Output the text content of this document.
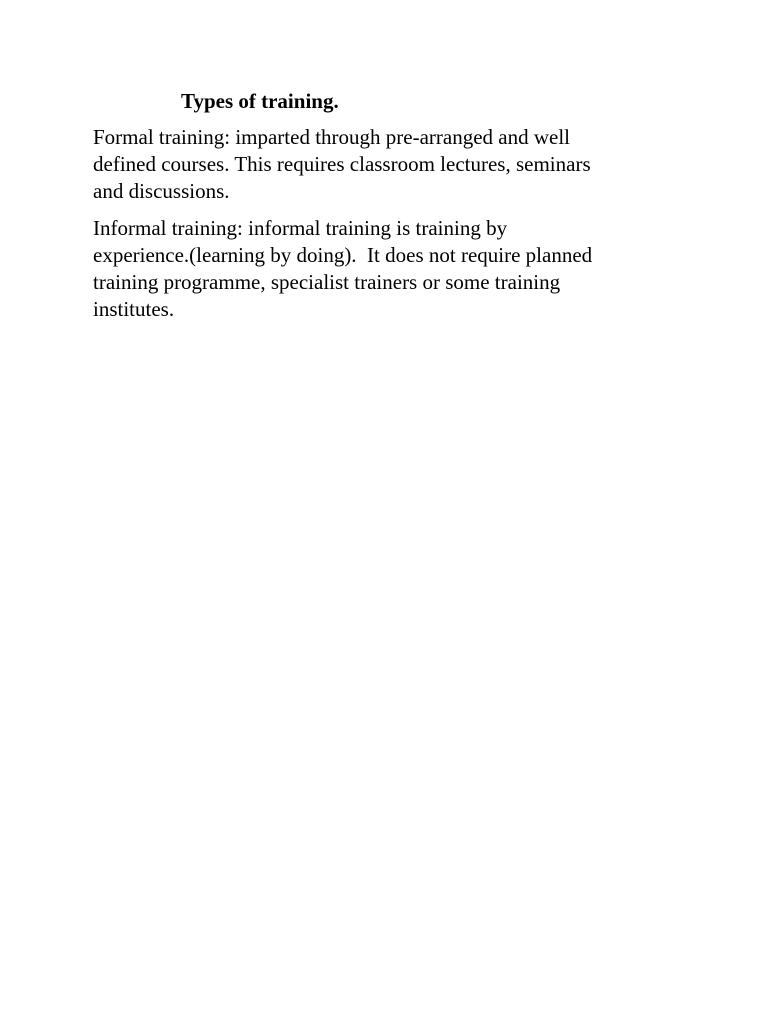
Types of training.

Formal training: imparted through pre-arranged and well
defined courses. This requires classroom lectures, seminars
and discussions.

Informal training: informal training is training by
experience.(learning by doing).  It does not require planned
training programme, specialist trainers or some training
institutes.
